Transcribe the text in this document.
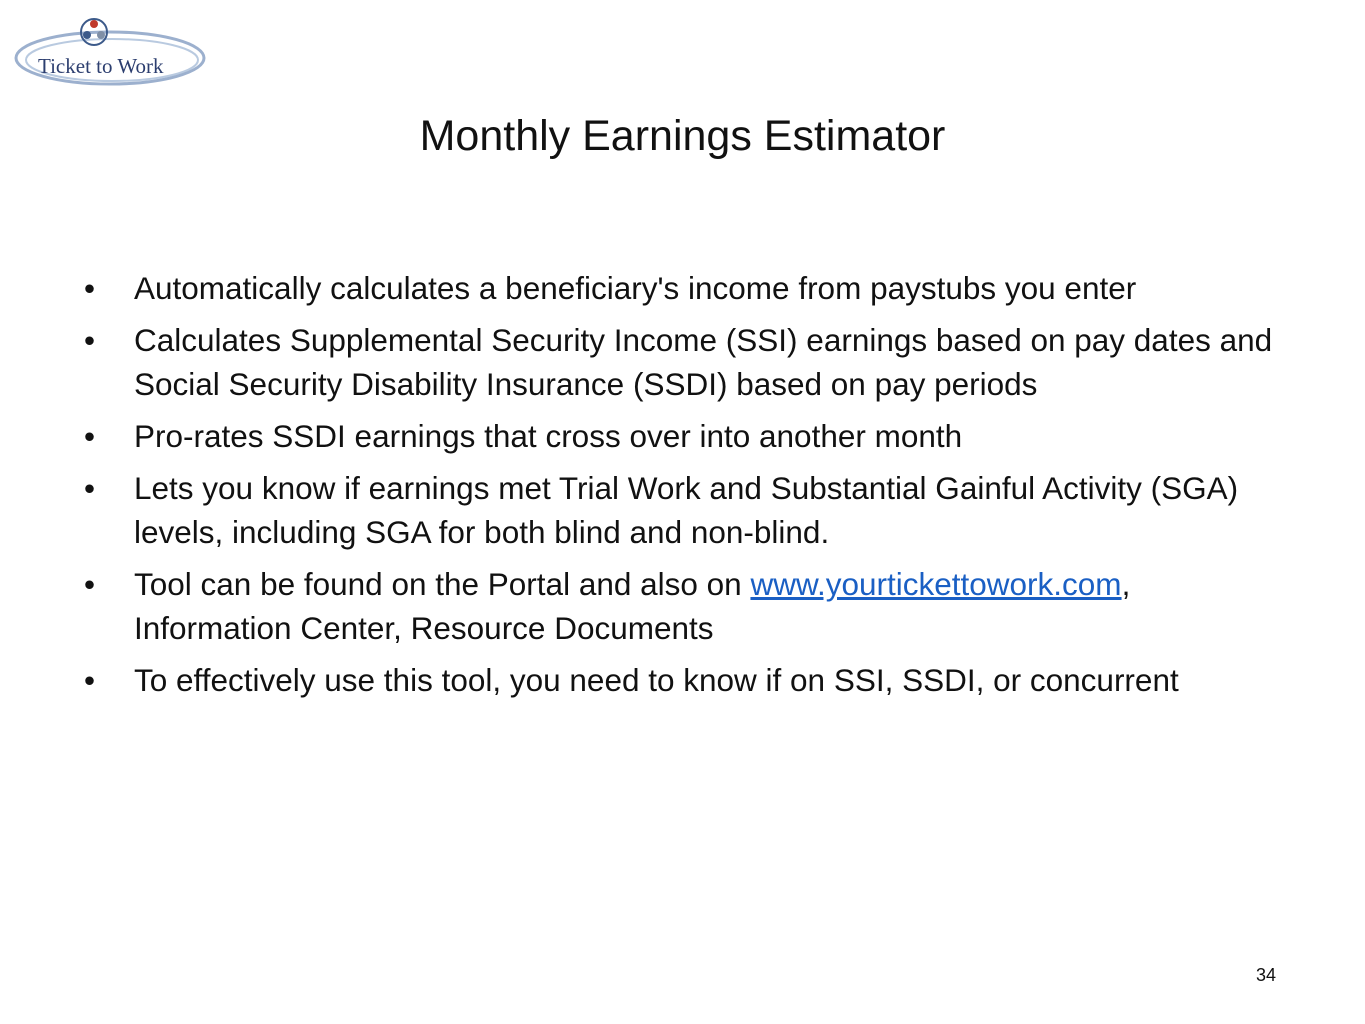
Ticket to Work
Monthly Earnings Estimator
• Automatically calculates a beneficiary's income from paystubs you enter
• Calculates Supplemental Security Income (SSI) earnings based on pay dates and Social Security Disability Insurance (SSDI) based on pay periods
• Pro-rates SSDI earnings that cross over into another month
• Lets you know if earnings met Trial Work and Substantial Gainful Activity (SGA) levels, including SGA for both blind and non-blind.
• Tool can be found on the Portal and also on www.yourtickettowork.com, Information Center, Resource Documents
• To effectively use this tool, you need to know if on SSI, SSDI, or concurrent
34
